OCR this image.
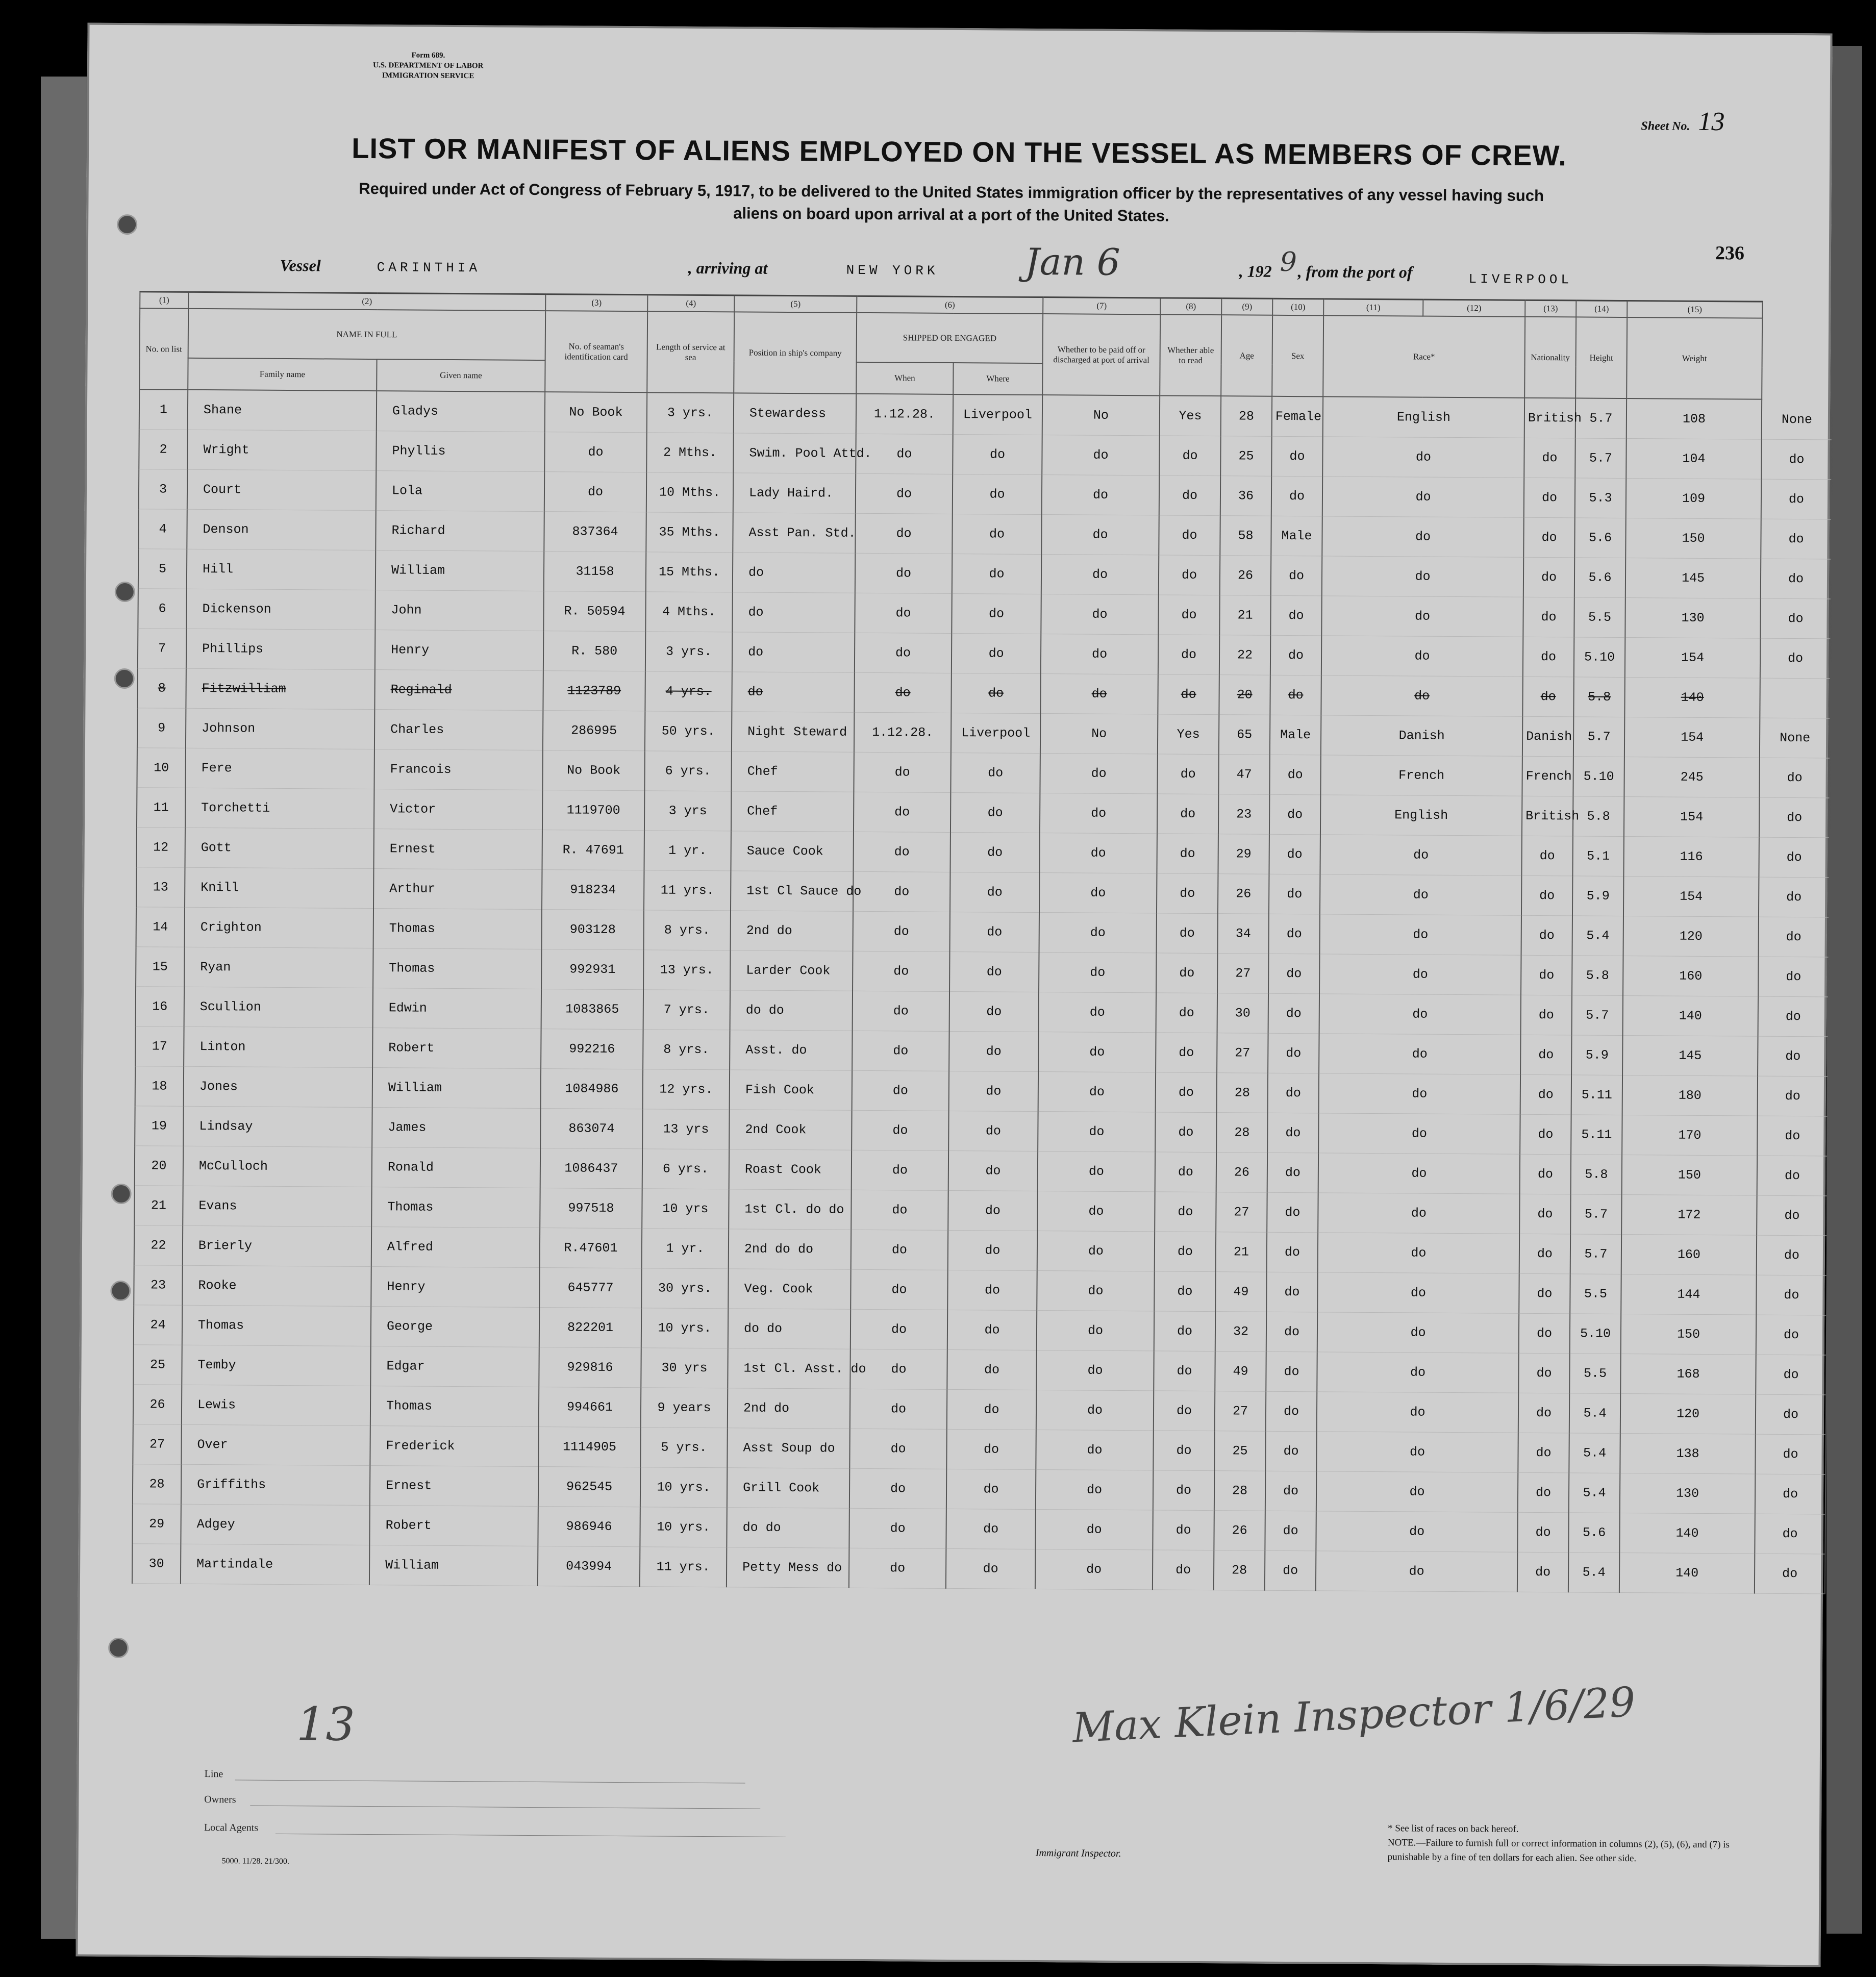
Form 689.
U.S. DEPARTMENT OF LABOR
IMMIGRATION SERVICE
Sheet No. 13
LIST OR MANIFEST OF ALIENS EMPLOYED ON THE VESSEL AS MEMBERS OF CREW.
Required under Act of Congress of February 5, 1917, to be delivered to the United States immigration officer by the representatives of any vessel having such
aliens on board upon arrival at a port of the United States.
236
Vessel	CARINTHIA	, arriving at	NEW YORK Jan 6	, 192 9 , from the port of	LIVERPOOL
(1)	(2)		(3)	(4)	(5)	(6)		(7)	(8)	(9)	(10)	(11)	(12)	(13)	(14)	(15)	
No. on list	NAME IN FULL		No. of seaman's identification card	Length of service at sea	Position in ship's company	SHIPPED OR ENGAGED		Whether to be paid off or discharged at port of arrival	Whether able to read	Age	Sex	Race*		Nationality	Height	Weight	
	Family name	Given name				When	Where										
1	Shane	Gladys	No Book	3 yrs.	Stewardess	1.12.28.	Liverpool	No	Yes	28	Female	English		British	5.7	108	None
2	Wright	Phyllis	do	2 Mths.	Swim. Pool Attd.	do	do	do	do	25	do	do		do	5.7	104	do
3	Court	Lola	do	10 Mths.	Lady Haird.	do	do	do	do	36	do	do		do	5.3	109	do
4	Denson	Richard	837364	35 Mths.	Asst Pan. Std.	do	do	do	do	58	Male	do		do	5.6	150	do
5	Hill	William	31158	15 Mths.	do	do	do	do	do	26	do	do		do	5.6	145	do
6	Dickenson	John	R. 50594	4 Mths.	do	do	do	do	do	21	do	do		do	5.5	130	do
7	Phillips	Henry	R. 580	3 yrs.	do	do	do	do	do	22	do	do		do	5.10	154	do
8	Fitzwilliam	Reginald	1123789	4 yrs.	do	do	do	do	do	20	do	do		do	5.8	140	
9	Johnson	Charles	286995	50 yrs.	Night Steward	1.12.28.	Liverpool	No	Yes	65	Male	Danish		Danish	5.7	154	None
10	Fere	Francois	No Book	6 yrs.	Chef	do	do	do	do	47	do	French		French	5.10	245	do
11	Torchetti	Victor	1119700	3 yrs	Chef	do	do	do	do	23	do	English		British	5.8	154	do
12	Gott	Ernest	R. 47691	1 yr.	Sauce Cook	do	do	do	do	29	do	do		do	5.1	116	do
13	Knill	Arthur	918234	11 yrs.	1st Cl Sauce do	do	do	do	do	26	do	do		do	5.9	154	do
14	Crighton	Thomas	903128	8 yrs.	2nd do	do	do	do	do	34	do	do		do	5.4	120	do
15	Ryan	Thomas	992931	13 yrs.	Larder Cook	do	do	do	do	27	do	do		do	5.8	160	do
16	Scullion	Edwin	1083865	7 yrs.	do do	do	do	do	do	30	do	do		do	5.7	140	do
17	Linton	Robert	992216	8 yrs.	Asst. do	do	do	do	do	27	do	do		do	5.9	145	do
18	Jones	William	1084986	12 yrs.	Fish Cook	do	do	do	do	28	do	do		do	5.11	180	do
19	Lindsay	James	863074	13 yrs	2nd Cook	do	do	do	do	28	do	do		do	5.11	170	do
20	McCulloch	Ronald	1086437	6 yrs.	Roast Cook	do	do	do	do	26	do	do		do	5.8	150	do
21	Evans	Thomas	997518	10 yrs	1st Cl. do do	do	do	do	do	27	do	do		do	5.7	172	do
22	Brierly	Alfred	R.47601	1 yr.	2nd do do	do	do	do	do	21	do	do		do	5.7	160	do
23	Rooke	Henry	645777	30 yrs.	Veg. Cook	do	do	do	do	49	do	do		do	5.5	144	do
24	Thomas	George	822201	10 yrs.	do do	do	do	do	do	32	do	do		do	5.10	150	do
25	Temby	Edgar	929816	30 yrs	1st Cl. Asst. do	do	do	do	do	49	do	do		do	5.5	168	do
26	Lewis	Thomas	994661	9 years	2nd do	do	do	do	do	27	do	do		do	5.4	120	do
27	Over	Frederick	1114905	5 yrs.	Asst Soup do	do	do	do	do	25	do	do		do	5.4	138	do
28	Griffiths	Ernest	962545	10 yrs.	Grill Cook	do	do	do	do	28	do	do		do	5.4	130	do
29	Adgey	Robert	986946	10 yrs.	do do	do	do	do	do	26	do	do		do	5.6	140	do
30	Martindale	William	043994	11 yrs.	Petty Mess do	do	do	do	do	28	do	do		do	5.4	140	do
13	Max Klein Inspector 1/6/29
Line
Owners
Local Agents
Immigrant Inspector.
* See list of races on back hereof.
NOTE.—Failure to furnish full or correct information in columns (2), (5), (6), and (7) is punishable by a fine of ten dollars for each alien. See other side.
5000. 11/28. 21/300.
